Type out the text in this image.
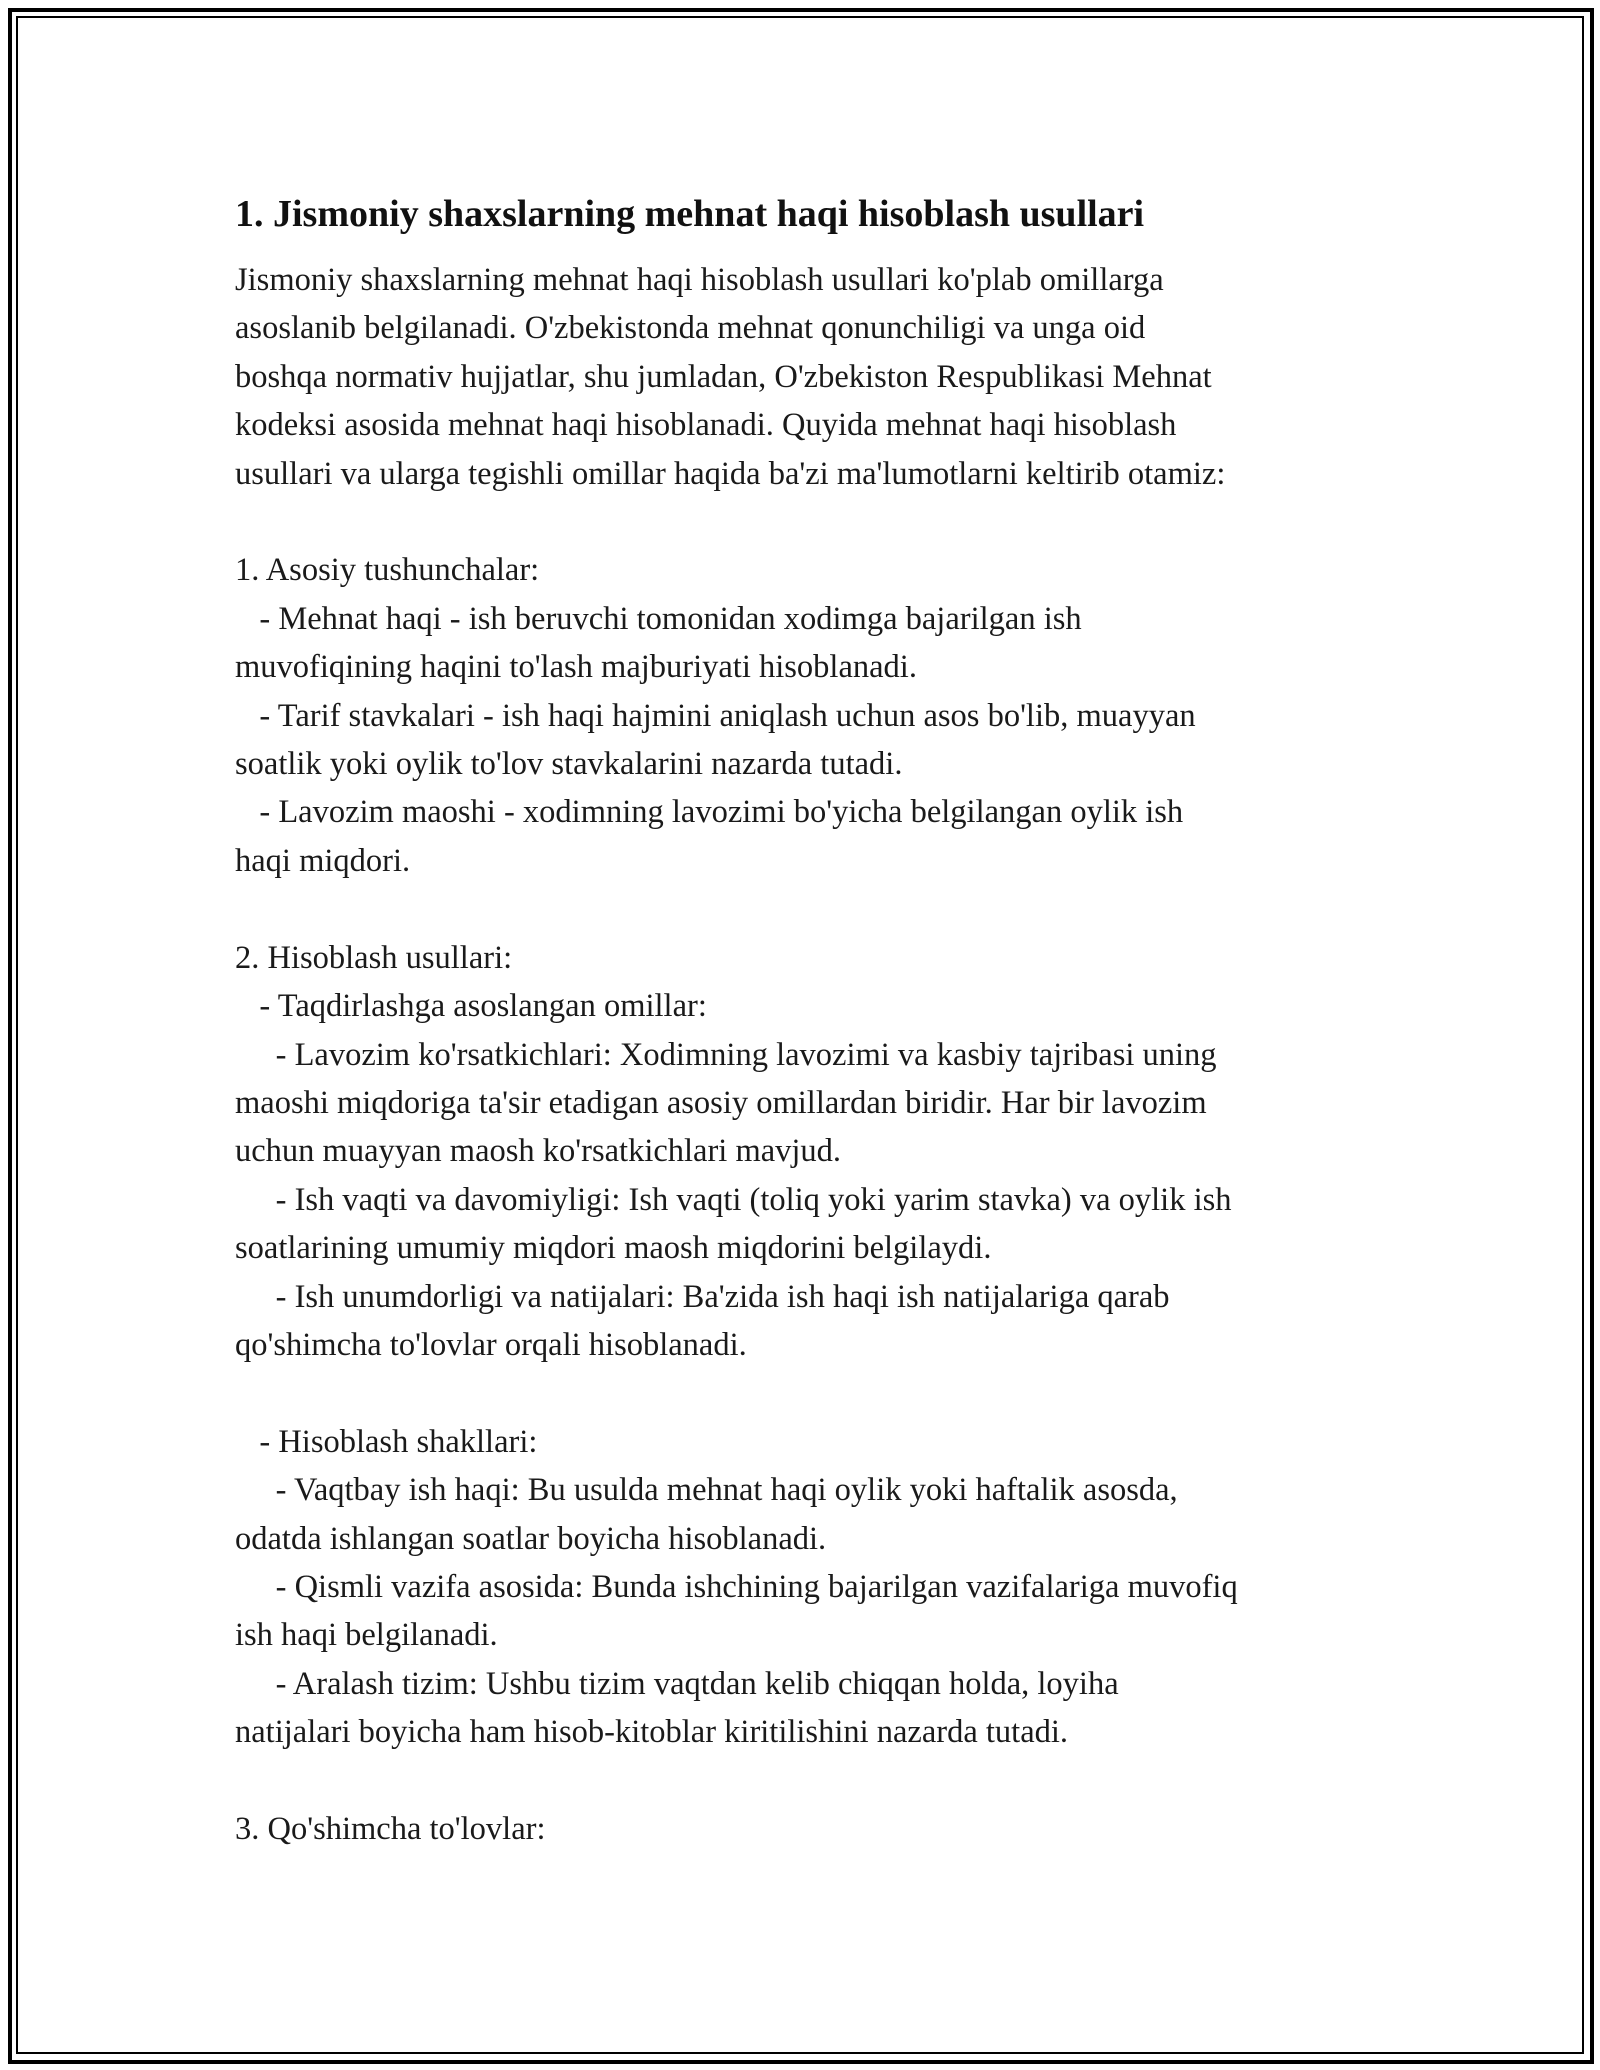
1. Jismoniy shaxslarning mehnat haqi hisoblash usullari

Jismoniy shaxslarning mehnat haqi hisoblash usullari ko'plab omillarga
asoslanib belgilanadi. O'zbekistonda mehnat qonunchiligi va unga oid
boshqa normativ hujjatlar, shu jumladan, O'zbekiston Respublikasi Mehnat
kodeksi asosida mehnat haqi hisoblanadi. Quyida mehnat haqi hisoblash
usullari va ularga tegishli omillar haqida ba'zi ma'lumotlarni keltirib otamiz:

1. Asosiy tushunchalar:
- Mehnat haqi - ish beruvchi tomonidan xodimga bajarilgan ish
muvofiqining haqini to'lash majburiyati hisoblanadi.
- Tarif stavkalari - ish haqi hajmini aniqlash uchun asos bo'lib, muayyan
soatlik yoki oylik to'lov stavkalarini nazarda tutadi.
- Lavozim maoshi - xodimning lavozimi bo'yicha belgilangan oylik ish
haqi miqdori.

2. Hisoblash usullari:
- Taqdirlashga asoslangan omillar:
- Lavozim ko'rsatkichlari: Xodimning lavozimi va kasbiy tajribasi uning
maoshi miqdoriga ta'sir etadigan asosiy omillardan biridir. Har bir lavozim
uchun muayyan maosh ko'rsatkichlari mavjud.
- Ish vaqti va davomiyligi: Ish vaqti (toliq yoki yarim stavka) va oylik ish
soatlarining umumiy miqdori maosh miqdorini belgilaydi.
- Ish unumdorligi va natijalari: Ba'zida ish haqi ish natijalariga qarab
qo'shimcha to'lovlar orqali hisoblanadi.

- Hisoblash shakllari:
- Vaqtbay ish haqi: Bu usulda mehnat haqi oylik yoki haftalik asosda,
odatda ishlangan soatlar boyicha hisoblanadi.
- Qismli vazifa asosida: Bunda ishchining bajarilgan vazifalariga muvofiq
ish haqi belgilanadi.
- Aralash tizim: Ushbu tizim vaqtdan kelib chiqqan holda, loyiha
natijalari boyicha ham hisob-kitoblar kiritilishini nazarda tutadi.

3. Qo'shimcha to'lovlar:
